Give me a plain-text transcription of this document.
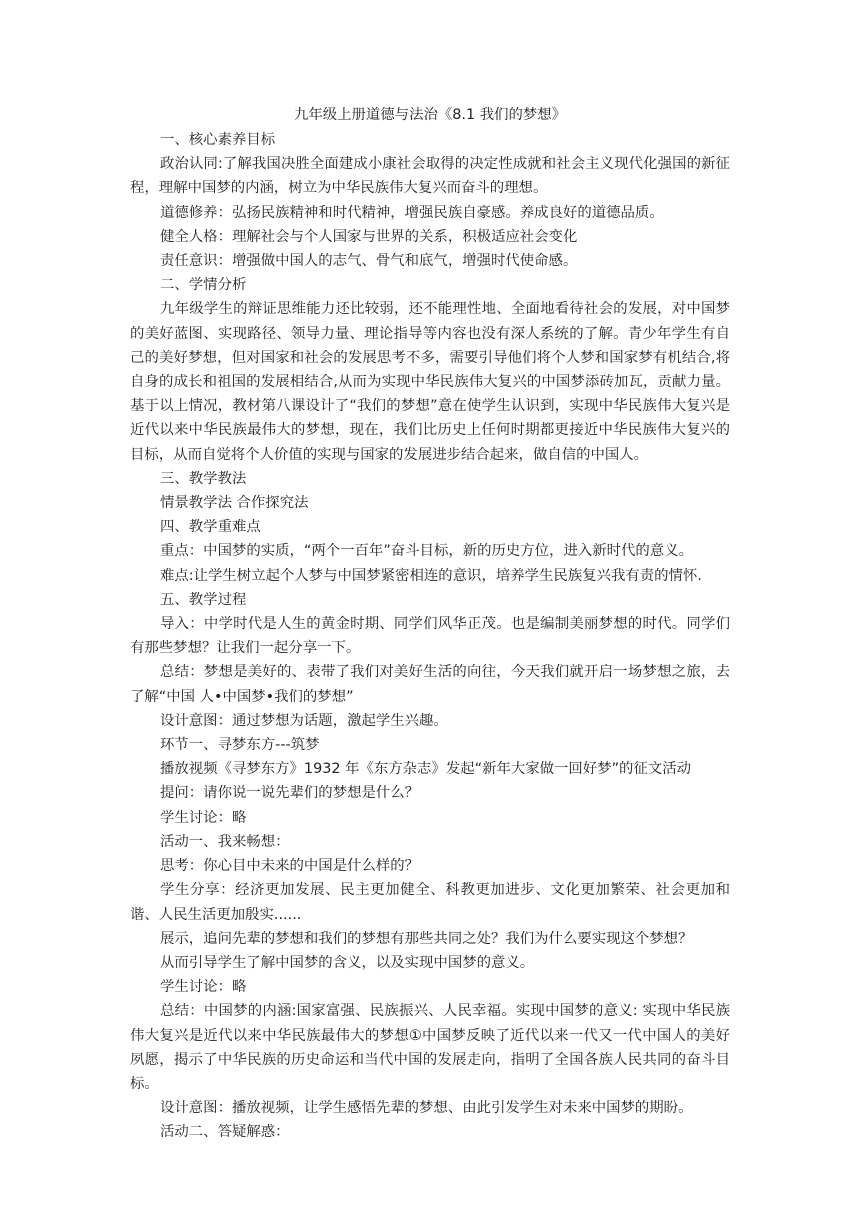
九年级上册道德与法治《8.1 我们的梦想》

一、核心素养目标

政治认同:了解我国决胜全面建成小康社会取得的决定性成就和社会主义现代化强国的新征程，理解中国梦的内涵，树立为中华民族伟大复兴而奋斗的理想。

道德修养：弘扬民族精神和时代精神，增强民族自豪感。养成良好的道德品质。

健全人格：理解社会与个人国家与世界的关系，积极适应社会变化

责任意识：增强做中国人的志气、骨气和底气，增强时代使命感。

二、学情分析

九年级学生的辩证思维能力还比较弱，还不能理性地、全面地看待社会的发展，对中国梦的美好蓝图、实现路径、领导力量、理论指导等内容也没有深人系统的了解。青少年学生有自己的美好梦想，但对国家和社会的发展思考不多，需要引导他们将个人梦和国家梦有机结合,将自身的成长和祖国的发展相结合,从而为实现中华民族伟大复兴的中国梦添砖加瓦，贡献力量。基于以上情况，教材第八课设计了“我们的梦想”意在使学生认识到，实现中华民族伟大复兴是近代以来中华民族最伟大的梦想，现在，我们比历史上任何时期都更接近中华民族伟大复兴的目标，从而自觉将个人价值的实现与国家的发展进步结合起来，做自信的中国人。

三、教学教法

情景教学法 合作探究法

四、教学重难点

重点：中国梦的实质，“两个一百年”奋斗目标，新的历史方位，进入新时代的意义。

难点:让学生树立起个人梦与中国梦紧密相连的意识，培养学生民族复兴我有责的情怀.

五、教学过程

导入：中学时代是人生的黄金时期、同学们风华正茂。也是编制美丽梦想的时代。同学们有那些梦想？让我们一起分享一下。

总结：梦想是美好的、表带了我们对美好生活的向往，今天我们就开启一场梦想之旅，去了解“中国 人•中国梦•我们的梦想”

设计意图：通过梦想为话题，激起学生兴趣。

环节一、寻梦东方---筑梦

播放视频《寻梦东方》1932 年《东方杂志》发起“新年大家做一回好梦”的征文活动

提问：请你说一说先辈们的梦想是什么？

学生讨论：略

活动一、我来畅想：

思考：你心目中未来的中国是什么样的？

学生分享：经济更加发展、民主更加健全、科教更加进步、文化更加繁荣、社会更加和谐、人民生活更加殷实......

展示，追问先辈的梦想和我们的梦想有那些共同之处？我们为什么要实现这个梦想？

从而引导学生了解中国梦的含义，以及实现中国梦的意义。

学生讨论：略

总结：中国梦的内涵:国家富强、民族振兴、人民幸福。实现中国梦的意义: 实现中华民族伟大复兴是近代以来中华民族最伟大的梦想①中国梦反映了近代以来一代又一代中国人的美好夙愿，揭示了中华民族的历史命运和当代中国的发展走向，指明了全国各族人民共同的奋斗目标。

设计意图：播放视频，让学生感悟先辈的梦想、由此引发学生对未来中国梦的期盼。

活动二、答疑解惑：
